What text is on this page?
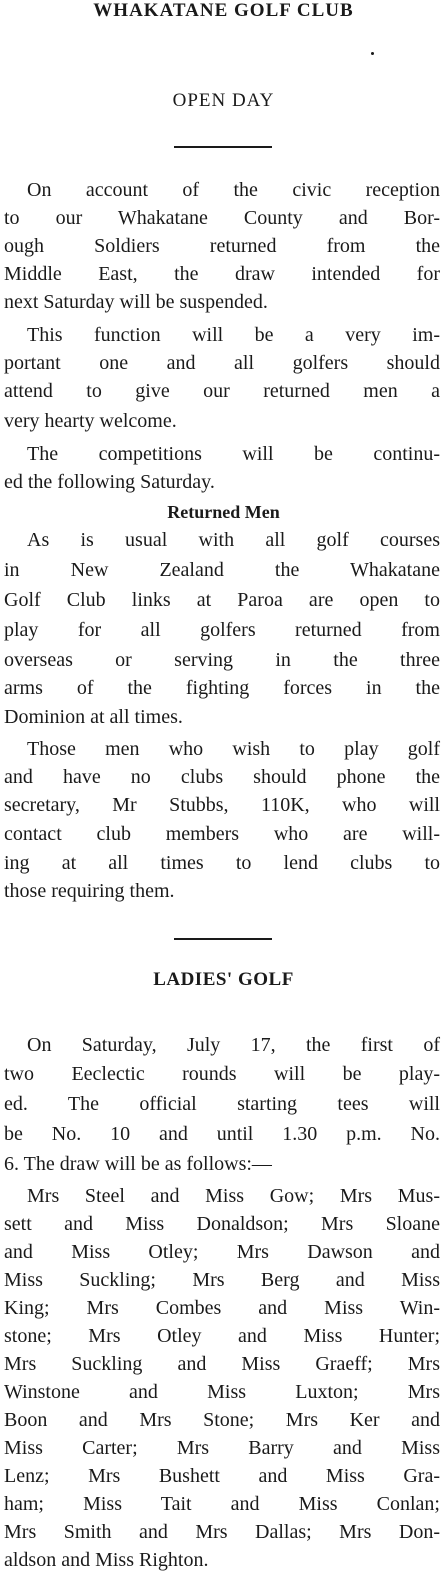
WHAKATANE GOLF CLUB
OPEN DAY
On account of the civic reception
to our Whakatane County and Bor-
ough Soldiers returned from the
Middle East, the draw intended for
next Saturday will be suspended.
This function will be a very im-
portant one and all golfers should
attend to give our returned men a
very hearty welcome.
The competitions will be continu-
ed the following Saturday.
Returned Men
As is usual with all golf courses
in New Zealand the Whakatane
Golf Club links at Paroa are open to
play for all golfers returned from
overseas or serving in the three
arms of the fighting forces in the
Dominion at all times.
Those men who wish to play golf
and have no clubs should phone the
secretary, Mr Stubbs, 110K, who will
contact club members who are will-
ing at all times to lend clubs to
those requiring them.
LADIES' GOLF
On Saturday, July 17, the first of
two Eeclectic rounds will be play-
ed. The official starting tees will
be No. 10 and until 1.30 p.m. No.
6. The draw will be as follows:—
Mrs Steel and Miss Gow; Mrs Mus-
sett and Miss Donaldson; Mrs Sloane
and Miss Otley; Mrs Dawson and
Miss Suckling; Mrs Berg and Miss
King; Mrs Combes and Miss Win-
stone; Mrs Otley and Miss Hunter;
Mrs Suckling and Miss Graeff; Mrs
Winstone and Miss Luxton; Mrs
Boon and Mrs Stone; Mrs Ker and
Miss Carter; Mrs Barry and Miss
Lenz; Mrs Bushett and Miss Gra-
ham; Miss Tait and Miss Conlan;
Mrs Smith and Mrs Dallas; Mrs Don-
aldson and Miss Righton.
